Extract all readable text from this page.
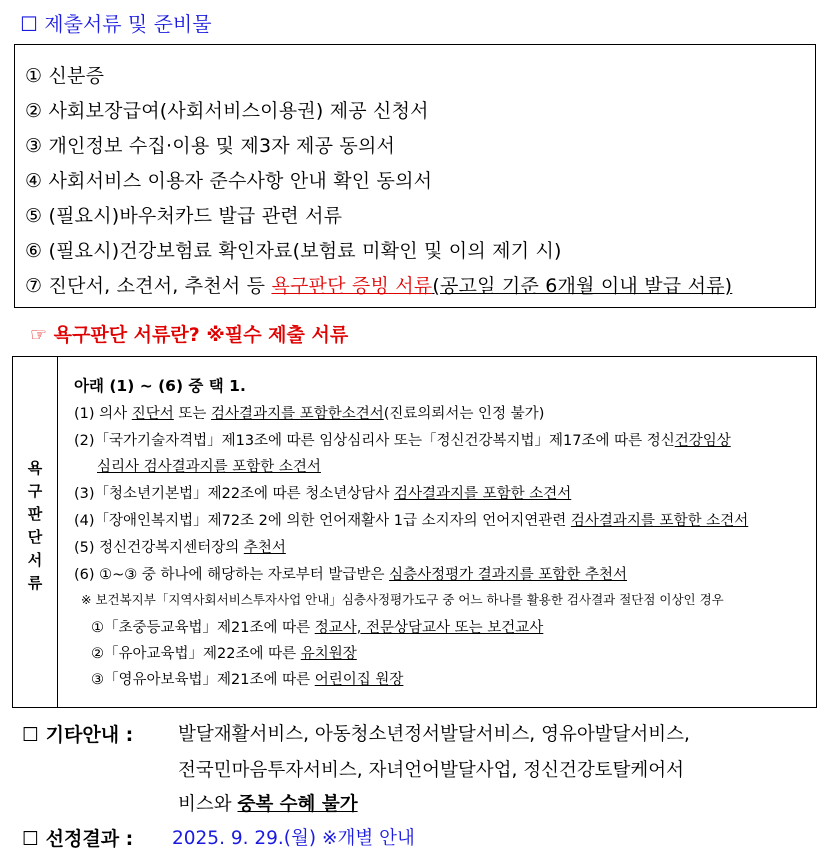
☐ 제출서류 및 준비물
① 신분증
② 사회보장급여(사회서비스이용권) 제공 신청서
③ 개인정보 수집·이용 및 제3자 제공 동의서
④ 사회서비스 이용자 준수사항 안내 확인 동의서
⑤ (필요시)바우처카드 발급 관련 서류
⑥ (필요시)건강보험료 확인자료(보험료 미확인 및 이의 제기 시)
⑦ 진단서, 소견서, 추천서 등 욕구판단 증빙 서류(공고일 기준 6개월 이내 발급 서류)
☞ 욕구판단 서류란? ※필수 제출 서류
욕
구
판
단
서
류
아래 (1) ~ (6) 중 택 1.
(1) 의사 진단서 또는 검사결과지를 포함한소견서(진료의뢰서는 인정 불가)
(2)「국가기술자격법」제13조에 따른 임상심리사 또는「정신건강복지법」제17조에 따른 정신건강임상
심리사 검사결과지를 포함한 소견서
(3)「청소년기본법」제22조에 따른 청소년상담사 검사결과지를 포함한 소견서
(4)「장애인복지법」제72조 2에 의한 언어재활사 1급 소지자의 언어지연관련 검사결과지를 포함한 소견서
(5) 정신건강복지센터장의 추천서
(6) ①~③ 중 하나에 해당하는 자로부터 발급받은 심층사정평가 결과지를 포함한 추천서
※ 보건복지부「지역사회서비스투자사업 안내」심층사정평가도구 중 어느 하나를 활용한 검사결과 절단점 이상인 경우
①「초중등교육법」제21조에 따른 정교사, 전문상담교사 또는 보건교사
②「유아교육법」제22조에 따른 유치원장
③「영유아보육법」제21조에 따른 어린이집 원장
☐ 기타안내 : 발달재활서비스, 아동청소년정서발달서비스, 영유아발달서비스,
전국민마음투자서비스, 자녀언어발달사업, 정신건강토탈케어서
비스와 중복 수혜 불가
☐ 선정결과 : 2025. 9. 29.(월) ※개별 안내
